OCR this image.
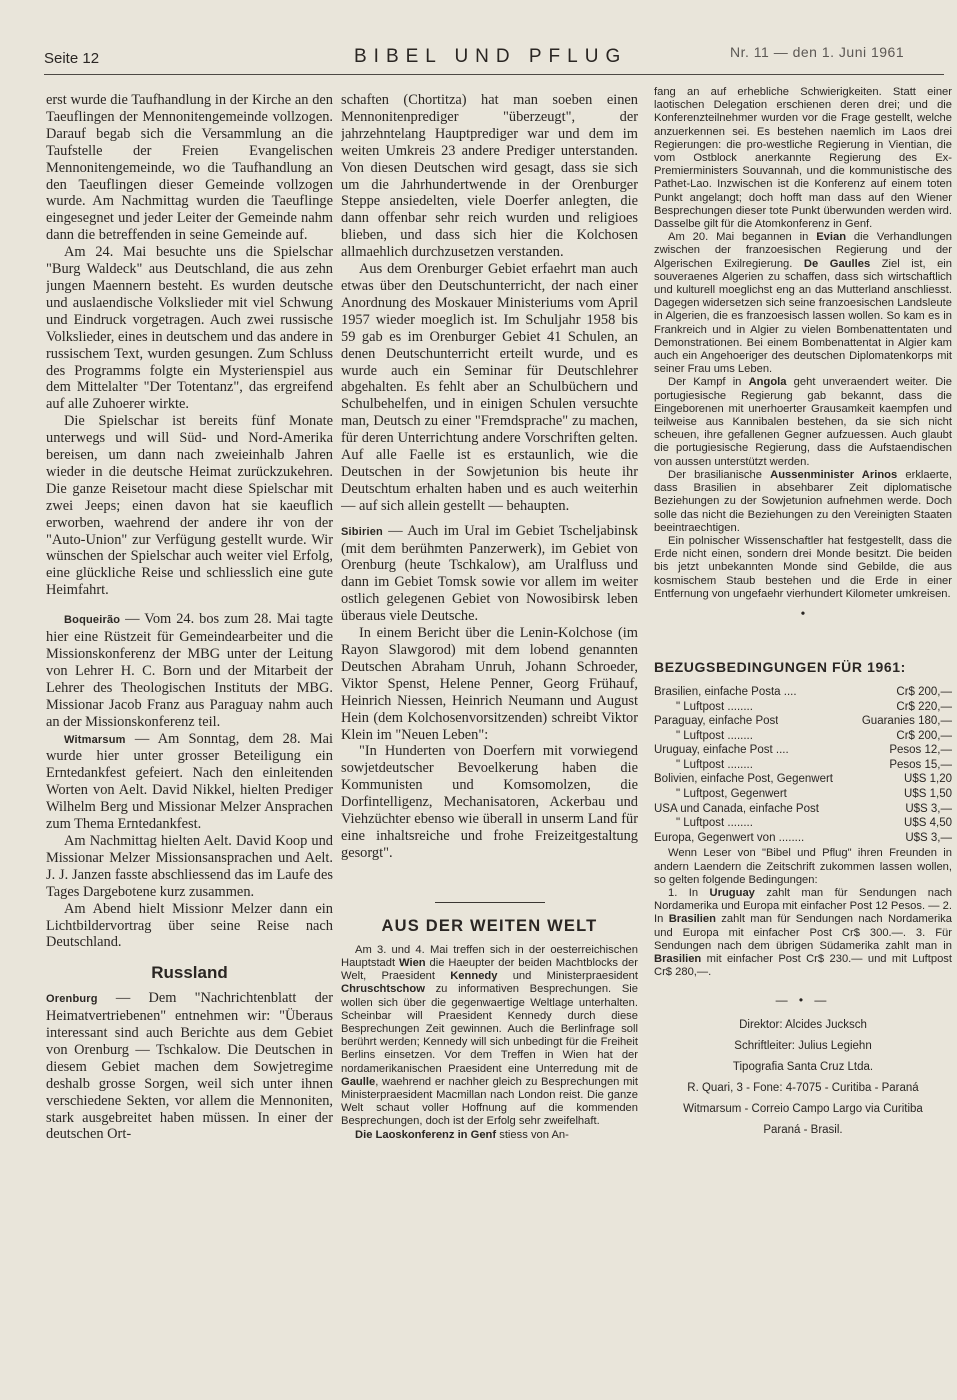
Seite 12	BIBEL UND PFLUG	Nr. 11 — den 1. Juni 1961

erst wurde die Taufhandlung in der Kirche an den Taeuflingen der Mennonitengemeinde vollzogen. Darauf begab sich die Versammlung an die Taufstelle der Freien Evangelischen Mennonitengemeinde, wo die Taufhandlung an den Taeuflingen dieser Gemeinde vollzogen wurde. Am Nachmittag wurden die Taeuflinge eingesegnet und jeder Leiter der Gemeinde nahm dann die betreffenden in seine Gemeinde auf.

Am 24. Mai besuchte uns die Spielschar "Burg Waldeck" aus Deutschland, die aus zehn jungen Maennern besteht. Es wurden deutsche und auslaendische Volkslieder mit viel Schwung und Eindruck vorgetragen. Auch zwei russische Volkslieder, eines in deutschem und das andere in russischem Text, wurden gesungen. Zum Schluss des Programms folgte ein Mysterienspiel aus dem Mittelalter "Der Totentanz", das ergreifend auf alle Zuhoerer wirkte.

Die Spielschar ist bereits fünf Monate unterwegs und will Süd- und Nord-Amerika bereisen, um dann nach zweieinhalb Jahren wieder in die deutsche Heimat zurückzukehren. Die ganze Reisetour macht diese Spielschar mit zwei Jeeps; einen davon hat sie kaeuflich erworben, waehrend der andere ihr von der "Auto-Union" zur Verfügung gestellt wurde. Wir wünschen der Spielschar auch weiter viel Erfolg, eine glückliche Reise und schliesslich eine gute Heimfahrt.

Boqueirão — Vom 24. bos zum 28. Mai tagte hier eine Rüstzeit für Gemeindearbeiter und die Missionskonferenz der MBG unter der Leitung von Lehrer H. C. Born und der Mitarbeit der Lehrer des Theologischen Instituts der MBG. Missionar Jacob Franz aus Paraguay nahm auch an der Missionskonferenz teil.

Witmarsum — Am Sonntag, dem 28. Mai wurde hier unter grosser Beteiligung ein Erntedankfest gefeiert. Nach den einleitenden Worten von Aelt. David Nikkel, hielten Prediger Wilhelm Berg und Missionar Melzer Ansprachen zum Thema Erntedankfest.

Am Nachmittag hielten Aelt. David Koop und Missionar Melzer Missionsansprachen und Aelt. J. J. Janzen fasste abschliessend das im Laufe des Tages Dargebotene kurz zusammen.

Am Abend hielt Missionr Melzer dann ein Lichtbildervortrag über seine Reise nach Deutschland.

Russland

Orenburg — Dem "Nachrichtenblatt der Heimatvertriebenen" entnehmen wir: "Überaus interessant sind auch Berichte aus dem Gebiet von Orenburg — Tschkalow. Die Deutschen in diesem Gebiet machen dem Sowjetregime deshalb grosse Sorgen, weil sich unter ihnen verschiedene Sekten, vor allem die Mennoniten, stark ausgebreitet haben müssen. In einer der deutschen Ort-

schaften (Chortitza) hat man soeben einen Mennonitenprediger "überzeugt", der jahrzehntelang Hauptprediger war und dem im weiten Umkreis 23 andere Prediger unterstanden. Von diesen Deutschen wird gesagt, dass sie sich um die Jahrhundertwende in der Orenburger Steppe ansiedelten, viele Doerfer anlegten, die dann offenbar sehr reich wurden und religioes blieben, und dass sich hier die Kolchosen allmaehlich durchzusetzen verstanden.

Aus dem Orenburger Gebiet erfaehrt man auch etwas über den Deutschunterricht, der nach einer Anordnung des Moskauer Ministeriums vom April 1957 wieder moeglich ist. Im Schuljahr 1958 bis 59 gab es im Orenburger Gebiet 41 Schulen, an denen Deutschunterricht erteilt wurde, und es wurde auch ein Seminar für Deutschlehrer abgehalten. Es fehlt aber an Schulbüchern und Schulbehelfen, und in einigen Schulen versuchte man, Deutsch zu einer "Fremdsprache" zu machen, für deren Unterrichtung andere Vorschriften gelten. Auf alle Faelle ist es erstaunlich, wie die Deutschen in der Sowjetunion bis heute ihr Deutschtum erhalten haben und es auch weiterhin — auf sich allein gestellt — behaupten.

Sibirien — Auch im Ural im Gebiet Tscheljabinsk (mit dem berühmten Panzerwerk), im Gebiet von Orenburg (heute Tschkalow), am Uralfluss und dann im Gebiet Tomsk sowie vor allem im weiter ostlich gelegenen Gebiet von Nowosibirsk leben überaus viele Deutsche.

In einem Bericht über die Lenin-Kolchose (im Rayon Slawgorod) mit dem lobend genannten Deutschen Abraham Unruh, Johann Schroeder, Viktor Spenst, Helene Penner, Georg Frühauf, Heinrich Niessen, Heinrich Neumann und August Hein (dem Kolchosenvorsitzenden) schreibt Viktor Klein im "Neuen Leben":

"In Hunderten von Doerfern mit vorwiegend sowjetdeutscher Bevoelkerung haben die Kommunisten und Komsomolzen, die Dorfintelligenz, Mechanisatoren, Ackerbau und Viehzüchter ebenso wie überall in unserm Land für eine inhaltsreiche und frohe Freizeitgestaltung gesorgt".

AUS DER WEITEN WELT

Am 3. und 4. Mai treffen sich in der oesterreichischen Hauptstadt Wien die Haeupter der beiden Machtblocks der Welt, Praesident Kennedy und Ministerpraesident Chruschtschow zu informativen Besprechungen. Sie wollen sich über die gegenwaertige Weltlage unterhalten. Scheinbar will Praesident Kennedy durch diese Besprechungen Zeit gewinnen. Auch die Berlinfrage soll berührt werden; Kennedy will sich unbedingt für die Freiheit Berlins einsetzen. Vor dem Treffen in Wien hat der nordamerikanischen Praesident eine Unterredung mit de Gaulle, waehrend er nachher gleich zu Besprechungen mit Ministerpraesident Macmillan nach London reist. Die ganze Welt schaut voller Hoffnung auf die kommenden Besprechungen, doch ist der Erfolg sehr zweifelhaft.

Die Laoskonferenz in Genf stiess von An-

fang an auf erhebliche Schwierigkeiten. Statt einer laotischen Delegation erschienen deren drei; und die Konferenzteilnehmer wurden vor die Frage gestellt, welche anzuerkennen sei. Es bestehen naemlich im Laos drei Regierungen: die pro-westliche Regierung in Vientian, die vom Ostblock anerkannte Regierung des Ex-Premierministers Souvannah, und die kommunistische des Pathet-Lao. Inzwischen ist die Konferenz auf einem toten Punkt angelangt; doch hofft man dass auf den Wiener Besprechungen dieser tote Punkt überwunden werden wird. Dasselbe gilt für die Atomkonferenz in Genf.

Am 20. Mai begannen in Evian die Verhandlungen zwischen der franzoesischen Regierung und der Algerischen Exilregierung. De Gaulles Ziel ist, ein souveraenes Algerien zu schaffen, dass sich wirtschaftlich und kulturell moeglichst eng an das Mutterland anschliesst. Dagegen widersetzen sich seine franzoesischen Landsleute in Algerien, die es franzoesisch lassen wollen. So kam es in Frankreich und in Algier zu vielen Bombenattentaten und Demonstrationen. Bei einem Bombenattentat in Algier kam auch ein Angehoeriger des deutschen Diplomatenkorps mit seiner Frau ums Leben.

Der Kampf in Angola geht unveraendert weiter. Die portugiesische Regierung gab bekannt, dass die Eingeborenen mit unerhoerter Grausamkeit kaempfen und teilweise aus Kannibalen bestehen, da sie sich nicht scheuen, ihre gefallenen Gegner aufzuessen. Auch glaubt die portugiesische Regierung, dass die Aufstaendischen von aussen unterstützt werden.

Der brasilianische Aussenminister Arinos erklaerte, dass Brasilien in absehbarer Zeit diplomatische Beziehungen zu der Sowjetunion aufnehmen werde. Doch solle das nicht die Beziehungen zu den Vereinigten Staaten beeintraechtigen.

Ein polnischer Wissenschaftler hat festgestellt, dass die Erde nicht einen, sondern drei Monde besitzt. Die beiden bis jetzt unbekannten Monde sind Gebilde, die aus kosmischem Staub bestehen und die Erde in einer Entfernung von ungefaehr vierhundert Kilometer umkreisen.

•
BEZUGSBEDINGUNGEN FÜR 1961:
Brasilien, einfache Posta ....	Cr$ 200,—
" Luftpost ........	Cr$ 220,—
Paraguay, einfache Post	Guaranies 180,—
" Luftpost ........	Cr$ 200,—
Uruguay, einfache Post ....	Pesos 12,—
" Luftpost ........	Pesos 15,—
Bolivien, einfache Post, Gegenwert	U$S 1,20
" Luftpost, Gegenwert	U$S 1,50
USA und Canada, einfache Post	U$S 3,—
" Luftpost ........	U$S 4,50
Europa, Gegenwert von ........	U$S 3,—

Wenn Leser von "Bibel und Pflug" ihren Freunden in andern Laendern die Zeitschrift zukommen lassen wollen, so gelten folgende Bedingungen:

1. In Uruguay zahlt man für Sendungen nach Nordamerika und Europa mit einfacher Post 12 Pesos. — 2. In Brasilien zahlt man für Sendungen nach Nordamerika und Europa mit einfacher Post Cr$ 300.—. 3. Für Sendungen nach dem übrigen Südamerika zahlt man in Brasilien mit einfacher Post Cr$ 230.— und mit Luftpost Cr$ 280,—.

— • —
Direktor: Alcides Jucksch
Schriftleiter: Julius Legiehn
Tipografia Santa Cruz Ltda.
R. Quari, 3 - Fone: 4-7075 - Curitiba - Paraná
Witmarsum - Correio Campo Largo via Curitiba
Paraná - Brasil.
